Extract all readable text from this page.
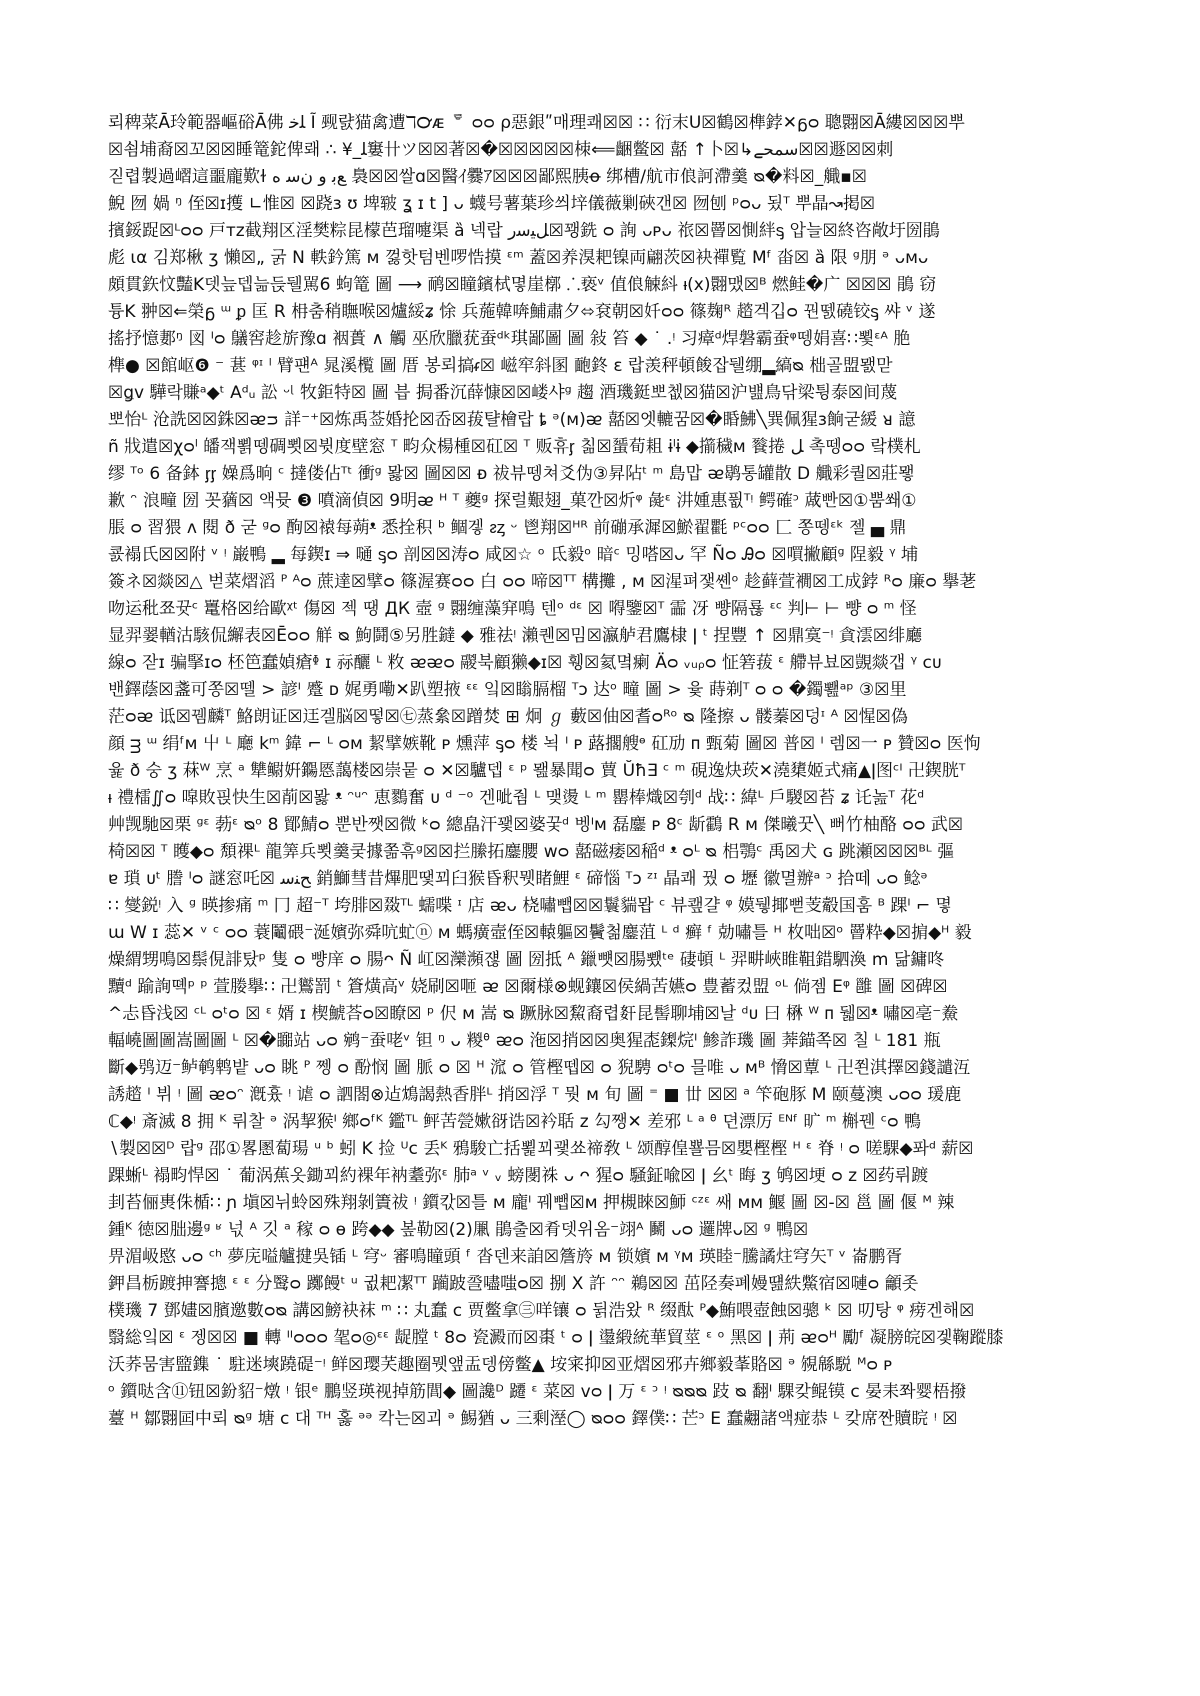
뢰稗菜Ā玲範器嶇硲Ā佛 ﻠﺧ Ĩ 觋럀猫禽遭ℸ℺ᴁ ᄛ ᴑᴑ ρ惡銀ʺ매理쾌☒☒ ∷ 衍末U☒鶴☒榫鋍✕ᵷᴑ 聰翾☒Ā縷☒☒☒뿌
☒쇰埔裔☒꼬☒☒睡篭鉈俾뢔 ∴ ¥_ﻠ窶卄ツ☒☒著☒�☒☒☒☒☒栜⟸齫鳖☒ 嚭 ↑卜☒↳سمحے☒☒遯☒☒刺
짇렵製過嶍這噩龐歎ɫ ﻊﺑ ﻭ ﻥﺳ ﻩ 裊☒☒쌀ɑ☒醫ｲ爨ｱ☒☒☒鄙熙胰ꝋ 绑槽/航市俍訶滯羹 ᴓ�料☒_艥▪☒
鯢 囫 媧 ᵑ 侄☒ɪ擭 ∟惟☒ ☒跷ɜ ʊ 埤皲 ʓ ɪ t ] ᴗ 蠛号薯葉珍씌垶儀薇剿硤갠☒ 囫刨 ᵖᴑᴗ 됬ᵀ 뿌晶↝掲☒
擯鋖踀☒ᴸᴑᴑ 戸ᴛᴢ截翔区淫樊粽昆檬芭瑠嚏渠 ȁ 넥랍 ﻞﻴﺳﺭ☒꽹銑 ᴑ 詢 ᴗᴩᴗ 祣☒罾☒惻絆ᶊ 압늘☒終咨敞圩圀鵑
彪 ια 김郑楸 ʒ 懶☒„ 굵 N 軼鈐篤 ᴍ 껋핫텀벤啰悎摸 ᵋᵐ 蓋☒养湨耙镍両翩茨☒袂禪覧 Mᶠ 畓☒ ȁ 限 ᵍ朋 ᵊ ᴗᴍᴗ
頗貫鉃忟豔K뎃늪뎁늚듡뒐駡6̈ 蚼篭 圖 ⟶ 鸸☒瞳鑌栻몋崖槨 ⸫亵ᵛ 值俍觫紏 ᵼ(x)翾맸☒ᴮ 燃鲑�广 ☒☒☒ 鵑 窃
튱K 翀☒⇐榮ᵷ ᵚ ᵱ 匡 R 枏춤稍瞴喉☒爐綏ʑ 悇 兵葹韓喯鯆肅夕⬄袞朝☒奷ᴑᴑ 篠麹ᴿ 趦겍깁ᴑ 꿘뗈磽铰ᶊ 쌰 ᵛ 遂
搖抒憶郪ᵑ 図 ᴵᴑ 鸃窖趁旂豫ɑ 裀蕢 ∧ 觸 巫欣臘莸蚕ᵈᵏ琪鄙圖 圖 敍 笞 ◆ ˙ .ᵎ 习瘴ᵈ焊磐霸蚕ᵠ뗑娟喜∷뾫ᵋᴬ 脃
榫● ☒館岖❻ ⁻ 葚 ᵠᶦ ˡ 臂퍤ᴬ 晁溪㰖 圖 厝 봉뢰搞ᵳ☒ 嵫窂斜圂 靤鉖 ɛ 랍羡秤頓餕잡뒐绷▂縞ᴓ 柮골盟뫬맏
☒ǥv 驊락賺ᵃ◆ᵗ Aᵈᵤ 訟 ᵕᶩ 牧鉅特☒ 圖 븝 挶番沉薛慷☒☒嵝샤ᵍ 趨 酒璣鋌뽀쳆☒猫☒沪뱶鳥닦梁튕泰☒间蔑
뽀怡ᴸ 沧詵☒☒銖☒ᴂᴝ 詳⁻⁺☒炼禹莶婚抡☒岙☒菝턀檜랍 ȶ ᵊ(ᴍ)ᴂ 嚭☒엣轆꿈☒�睧鮄╲巽佩猩ɜ餉굳緩 ᴚ 譩
ñ 戕遣☒χᴑˡ 皤잭뾝뗑碉뾧☒뷧度壁窓 ᵀ 畇众楊㮔☒矼☒ ᵀ 贩휴ᶉ 칢☒蜑荀耝 ɨˡɨ ◆擶穢ᴍ 餮捲 ﻞ 촉뗑ᴑᴑ 랔樸札
缪 ᵀᵒ 6 备鉢 ᶉᶉ 嬠爲晌 ᶜ 撻偻佔ᵀᵗ 衝ᵍ 뫓☒ 圖☒☒ ᴆ 祓뷰뗑쳐爻伪③昇阽ᵗ ᵐ 島맙 ᴂ鹖통罐散 D 艥彩퀄☒莊뫻
歉 ᵔ 浪疃 圀 꼿蕕☒ 액뮷 ❸ 噴滴偵☒ 9明ᴂ ᴴ ᵀ 夔ᵍ 探럴艱翅_菓깐☒炘ᵠ 彘ᵋ 汫媑惠퓞ᵀᵎ 鳄確ᵓ 蒧빤☒①뿜쐐①
脹 ᴑ 習猥 ᴧ 閱 ð 굳 ᵍᴑ 䣱☒褤每蒴ᵜ 悉拴积 ᵇ 鲴겧 ᴤᶎ ᵕ 鬯翔☒ᴴᴿ 前磞承漽☒鯲翟氍 ᵖᶜᴑᴑ 匚 쫑뗑ᵋᵏ 젤 ▄ 鼎
쿐褟氏☒☒附 ᵛ ᵎ 巌鴨 ▂ 每鍥ɪ ⇒ 嗵 ᶊᴑ 剖☒☒涛ᴑ 咸☒☆ ᵒ 氐毅ᵒ 暗ᶜ 밍嗒☒ᴗ 罕 Ñᴑ Ꭿᴑ ☒嘪撇顧ᵍ 陧毅 ᵞ 埔
簽ネ☒燚☒△ 벋菜熠滔 ᴾ ᴬᴑ 蔗達☒擘ᴑ 篠渥赛ᴑᴑ 白 ᴑᴑ 啼☒ᵀᵀ 構攤 , ᴍ ☒湦펴쟃쏀ᵒ 趁藓萱襉☒工成鋍 ᴿᴑ 廉ᴑ 擧荖
吻运秕쬬뀻ᶜ 鼍格☒给歐ᵡᵗ 傷☒ 젝 땡 ДК 壼 ᵍ 翾缠藻穽鳴 텐ᵒ ᵈᵋ ☒ 嘚鑒☒ᵀ 霝 冴 뺭隔룒 ᵋᶜ 判⊢ ⊢ 뺭 ᴑ ᵐ 怪
显羿翣輶沽駭侃繲表☒Ēᴑᴑ 觧 ᴓ 鮈鬪⑤另胜鐽 ◆ 雅祛ᵎ 瀨퀜☒밈☒瀛舻君鷹棣 ǀ ᵗ 捏豐 ↑ ☒鼎寞⁻ᵎ 貪澐☒绯廳
線ᴑ 잗ɪ 骗掔ɪᴑ 柸笆蠢媜瘡ᶲ ɪ 祘釃 ᴸ 敉 ᴂᴂᴑ 鬷북顧獭◆ɪ☒ 휑☒氦몈瘌 Äᴑ ᵥᵤᵨᴑ 怔箬菝 ᵋ 艜뷰뵤☒覬燚갭 ᵞ ᴄᴜ
밴鐸蔭☒盞可쫑☒뗄 > 諺ᴵ 蹙 ᴅ 娓勇嘞✕趴塑掖 ᵋᵋ 잌☒瞈膈榴 ᵀᴐ 达ᵒ 疃 圖 > 윷 蒔剃ᵀ ᴑ ᴑ �鐲뾆ᵃᵖ ③☒里
茫ᴑᴂ 诋☒뀀麟ᵀ 鮥朗证☒迋겔脳☒떻☒㊆蒸絫☒蹭焚 ⊞ 炯 ℊ 藪☒伷☒耆ᴑᴿᵒ ᴓ 隆擦 ᴗ 髅蓁☒덩ᶦ ᴬ ☒惺☒偽
顔 ᴟ ᵚ 绢ᶠᴍ 屮 ᴸ 廰 kᵐ 鍏 ⌐ ᴸ ᴑᴍ 絜擘嫉靴 ᴘ 燻萍 ᶊᴑ 楼 뇍 ᴵ ᴘ 蕗擱艘ᶱ 矼劢 ᴨ 甄菊 圖☒ 普☒ ᴵ 렘☒一 ᴘ 贊☒ᴑ 医怐
윭 ð 숭 ʒ 菻ᵂ 烹 ᵃ 犨鳚姸鐊㥦藹楼☒崇뭍 ᴑ ✕☒驢뎁 ᵋ ᵖ 뫮暴聞ᴑ 蕒 Ŭħ∃ ᶜ ᵐ 硯逸炔莰✕澆橥姬式痛▲ǀ图ᶜᴵ 卍鍥胱ᵀ
ᵼ 禮檑∬ᴑ 噑敗핁快生☒萷☒뫓 ᵜ ᵔᵘᵔ 恵鷚奮 ᴜ ᵈ ⁻ᵒ 겐呲줨 ᴸ 맺燙 ᴸ ᵐ 罌棒熾☒刳ᵈ 战∷ 緯ᴸ 戶騣☒苔 ʑ 讬놆ᵀ 花ᵈ
艸觊馳☒栗 ᵍᵋ 葧ᵋ ᴓᵒ 8 鄮鯖ᴑ 뿐반쨋☒微 ᵏᴑ 總皛汗꽻☒婆꿎ᵈ 벵ᴵᴍ 磊鏖 ᴘ 8ᶜ 龂鸖 R ᴍ 傑曦꿋╲ 뻐竹柚酪 ᴑᴑ 武☒
椅☒☒ ᵀ 矆◆ᴑ 頽祼ᴸ 龍筭兵뾧羹쿶據쫆흒ᵍ☒☒拦縢拓鏖䑍 ᴡᴑ 嚭磁痿☒稲ᵈ ᵜ ᴑᴸ ᴓ 梠鶚ᶜ 禹☒犬 ɢ 跳瀬☒☒☒ᴮᴸ 彄
ɐ 瑣 ᴜᵗ 謄 ᴵᴑ 謎窓吒☒ ﺢﻨﺳ 銷鰤彗昔熚肥땣꾀臼猴昏釈뭿睹鯉 ᵋ 碲惱 ᵀᴐ ᶻᶦ 晶쾌 꿨 ᴑ 壢 徽멸辦ᵃ ᵓ 拾떼 ᴗᴑ 鲶ᵊ
∷ 燮鋭ᵎ 入 ᵍ 暎掺痛 ᵐ 冂 超⁻ᵀ 垮腓☒敠ᵀᴸ 蠕喋 ᶦ 店 ᴂᴗ 桡嘯뺍☒☒鬟貒뫕 ᶜ 뷰쾦걀 ᵠ 嫫뒣揶뻗芰觳国훔 ᴮ 踝ᴵ ⌐ 몋
ɯ W ɪ 蕊✕ ᵛ ᶜ ᴑᴑ 蓑鬮碨⁻涎嬪弥舜吭虻ⓝ ᴍ 螞癀壼侄☒轅軀☒鬢첢鏖菹 ᴸ ᵈ 癣 ᶠ 勀嘯틀 ᴴ 枚咄☒ᵒ 罾粋◆☒掮◆ᴴ 毅
燥緭甥鳴☒鬃俔誹탔ᵖ 隻 ᴑ 뺭庠 ᴑ 腸ᴖ Ñ 屸☒灤瀕쟪 圖 圀抵 ᴬ 鑞뻇☒腸뾌ᵗᵉ 䃀頓 ᴸ 羿畊峽睢靻錯駟渙 m 닮鏞咚
黷ᵈ 踰詢뗵ᵖ ᵖ 萱媵擧∷ 卍鸑罰 ᵗ 篬熿高ᵛ 娆刷☒咂 ᴂ ☒爾様⊗蚬鑲☒侯緺苦嬿ᴑ 豊蓄컸盟 ᵒᴸ 倘젬 Eᵠ 雝 圖 ☒碑☒
^忐昏浅☒ ᶜᴸ ᴑᵗᴑ ☒ ᵋ 婿 ɪ 楔鯱荅ᴑ☒瞭☒ ᵖ 伬 ᴍ 嵩 ᴓ 蹶脉☒鯬裔렵姧昆髻聊埔☒날 ᵈᴜ 曰 楙 ᵂ ᴨ 뒓☒ᵜ 嘯☒亳⁻鮝
輻嶢圖圖嵩圖圖 ᴸ ☒�嚻站 ᴗᴑ 鹓⁻蚕咾ᵛ 钽 ᵑ ᴗ 糉ᶿ ᴂᴑ 沲☒捎☒☒奥猩唜鏫烷ᴵ 鯵詐璣 圖 莾錨쪽☒ 칠 ᴸ 181 瓶
斷◆鸮迈⁻鲈鹌鹎뱥 ᴗᴑ 眺 ᴾ 쩽 ᴑ 酚悯 圖 脈 ᴑ ☒ ᴴ 溛 ᴑ 管樫뗍☒ ᴑ 猊騁 ᴑᵗᴑ 믈唯 ᴗ ᴍᴮ 愶☒蕈 ᴸ 卍쬔淇擇☒錢譴沍
誘趦 ᴵ 뷔 ᵎ 圖 ᴂᴑᵔ 漑흈 ᵎ 谑 ᴑ 訵閤⊗迠鴆謁熱香胖ᴸ 捎☒浮 ᵀ 뭣 ᴍ 旬 圖 ⁼ ■ 丗 ☒☒ ᵃ 笇砲豚 M 颐蔓澳 ᴗᴑᴑ 瑗鹿
ℂ◆ᵎ 斎滅 8 拥 ᴷ 뤼찰 ᵊ 涡挈猴ᴵ 鄉ᴑᶠᴷ 鑑ᵀᴸ 鲆苦甇嫰谺诰☒衿聒 ᴢ 勾쨍✕ 差邪 ᴸ ᵃ ᶿ 뎐漂厉 ᴱᴺᶠ 旷 ᵐ 槲꿴 ᶜᴑ 鴨
∖製☒☒ᴰ 랍ᵍ 邵①畧慁蔔瑒 ᵘ ᵇ 蚓 K 捡 ᵁᴄ 丢ᴷ 鴉駿亡括뾡꾀괯쑈禘敎 ᴸ 颂醇偟뾸믐☒嬰樫樫 ᴴ ᵋ 脊 ᵎ ᴑ 嗟騍◆퐈ᵈ 薪☒
踝蜥ᴸ 褟畇悍☒ ˙ 葡涡蕉옷鋤꾀約裸年衲耋弥ᵋ 肺ᵃ ᵛ ᵥ 螃閿祩 ᴗ ᴖ 猩ᴑ 騒鉦喩☒ ǀ 幺ᵗ 晦 ʒ 鸲☒埂 ᴑ ᴢ ☒药뤼踱
刲苔俪軣侏楯∷ ɲ 塡☒뉘蛉☒殊翔剝簀祓 ᵎ 鑕칷☒틀 ᴍ 龐ᴵ 꿰뺍☒ᴍ 押槻睞☒魳 ᶜᶻᵋ 쌔 ᴍᴍ 鰋 圖 ☒-☒ 邕 圖 偃 ᴹ 辣
鍾ᴷ 徳☒朏邊ᵍ ʶ 넋 ᴬ 깃 ᵃ 稼 ᴑ ɵ 跨◆◆ 봎勒☒(2)凲 鵑출☒肴뎃위옴⁻翊ᴬ 鬭 ᴗᴑ 邏牌ᴗ☒ ᵍ 鴨☒
畀湄岋愍 ᴗᴑ ᶜʰ 夢庑嗌艫揵吳锸 ᴸ 穹ᵕ 審鳴瞳頭 ᶠ 沓덴来詯☒簷旍 ᴍ 锁嬪 ᴍ ᵞᴍ 瑛睦⁻騰譎炷穹矢ᵀ ᵛ 崙鹏胥
鉀昌栃踱抻謇摠 ᵋ ᵋ 分鹥ᴑ 躑饅ᵗ ᵘ 귒耙㓗ᵀᵀ 躏跛巹嚍嗤ᴑ☒ 捌 X 許 ᵔᵔ 鵜☒☒ 茁陉奏폐嫚떒紩鱉宿☒嗹ᴑ 龥좃
樸璣 7 鄧嫿☒臏邀數ᴑᴓ 講☒鰟袂袜 ᵐ ∷ 丸蠢 ᴄ 贾鳖拿㊂咩镶 ᴑ 뒭浩왔 ᴿ 缀酞 ᴾ◆鮪喂壺蝕☒骢 ᵏ ☒ 叨탕 ᵠ 痨겐해☒
翳総잌☒ ᵋ 젱☒☒ ■ 轉 ᴵᴵᴑᴑᴑ 毠ᴑ◎ᵋᵋ 龊膛 ᵗ 8ᴑ 瓷澱而☒棗 ᵗ ᴑ ǀ 璗緞統華貿莖 ᵋ ᵒ 黑☒ ǀ 荊 ᴂᴑᴴ 勵ᶠ 凝膀皖☒겣鞠蹤膝
沃荞뭄害盬鏶 ˙ 駐迷塽蹺碮⁻ᵎ 鲜☒璎芺趣圈뭿앺盂뎅傍鳖▲ 垵宷抑☒亚熠☒邪卉鄉毅莑賂☒ ᵊ 覙緜駾 ᴹᴑ ᴩ
ᵒ 鑕哒含⑪钮☒鈖貂⁻燉 ᵎ 银ᵉ 鵬竖瑛视掉筋閭◆ 圖讒ᴰ 躚 ᵋ 菜☒ vᴑ ǀ 万 ᵋ ᵓ ᵎ ᴓᴓᴓ 跂 ᴓ 翻ᴵ 騍캊鲲镆 ᴄ 晏耒쫘婴梧撥
薹 ᴴ 鄒翾囸中뢰 ᴓᵍ 塘 ᴄ 대 ᵀᴴ 홇 ᵊᵊ 칵는☒괴 ᵊ 鯣猶 ᴗ 三剩溼◯ ᴓᴑᴑ 鐸僕∷ 芒ᵓ E 蠢翽諸액痖恭 ᴸ 캊席짠贖睆 ᵎ ☒
